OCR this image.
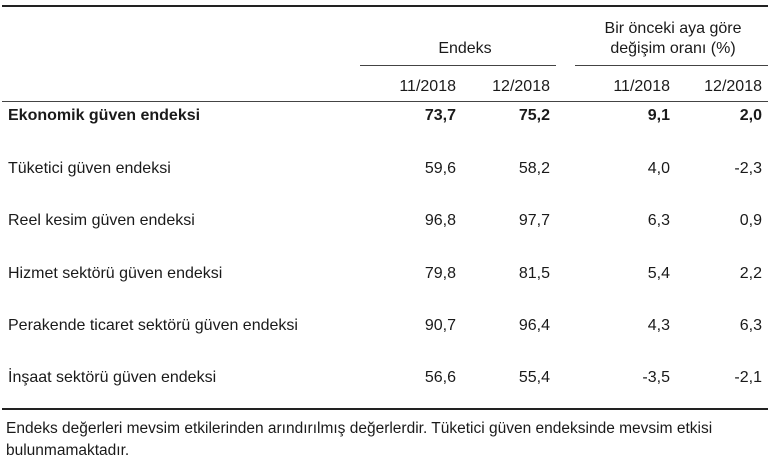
Endeks
Bir önceki aya göre
değişim oranı (%)
11/2018	12/2018	11/2018	12/2018
Ekonomik güven endeksi	73,7	75,2	9,1	2,0
Tüketici güven endeksi	59,6	58,2	4,0	-2,3
Reel kesim güven endeksi	96,8	97,7	6,3	0,9
Hizmet sektörü güven endeksi	79,8	81,5	5,4	2,2
Perakende ticaret sektörü güven endeksi	90,7	96,4	4,3	6,3
İnşaat sektörü güven endeksi	56,6	55,4	-3,5	-2,1
Endeks değerleri mevsim etkilerinden arındırılmış değerlerdir. Tüketici güven endeksinde mevsim etkisi bulunmamaktadır.
